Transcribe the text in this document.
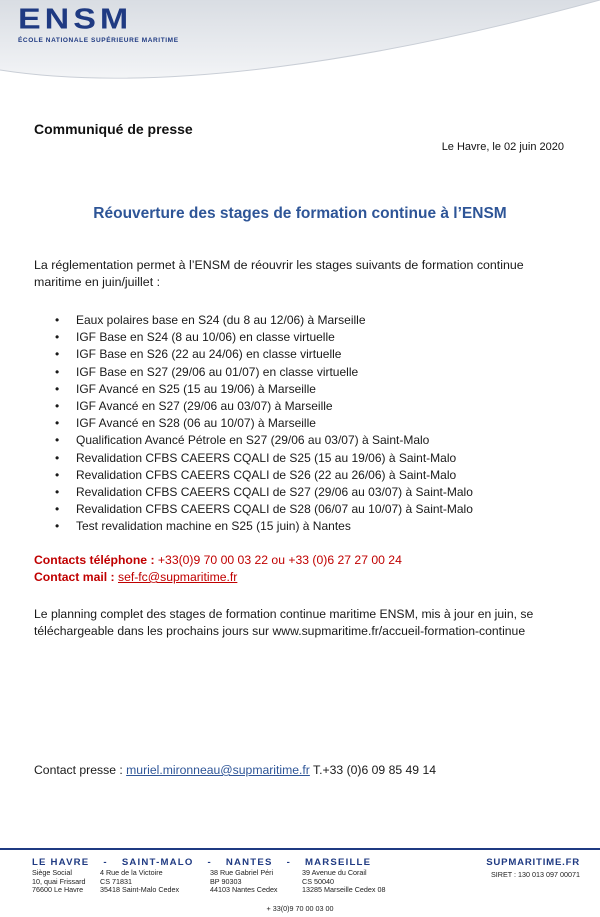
ENSM
ÉCOLE NATIONALE SUPÉRIEURE MARITIME
Communiqué de presse
Le Havre, le 02 juin 2020
Réouverture des stages de formation continue à l’ENSM
La réglementation permet à l’ENSM de réouvrir les stages suivants de formation continue maritime en juin/juillet :
• Eaux polaires base en S24 (du 8 au 12/06) à Marseille
• IGF Base en S24 (8 au 10/06) en classe virtuelle
• IGF Base en S26 (22 au 24/06) en classe virtuelle
• IGF Base en S27 (29/06 au 01/07) en classe virtuelle
• IGF Avancé en S25 (15 au 19/06) à Marseille
• IGF Avancé en S27 (29/06 au 03/07) à Marseille
• IGF Avancé en S28 (06 au 10/07) à Marseille
• Qualification Avancé Pétrole en S27 (29/06 au 03/07) à Saint-Malo
• Revalidation CFBS CAEERS CQALI de S25 (15 au 19/06) à Saint-Malo
• Revalidation CFBS CAEERS CQALI de S26 (22 au 26/06) à Saint-Malo
• Revalidation CFBS CAEERS CQALI de S27 (29/06 au 03/07) à Saint-Malo
• Revalidation CFBS CAEERS CQALI de S28 (06/07 au 10/07) à Saint-Malo
• Test revalidation machine en S25 (15 juin) à Nantes
Contacts téléphone : +33(0)9 70 00 03 22 ou +33 (0)6 27 27 00 24
Contact mail : sef-fc@supmaritime.fr
Le planning complet des stages de formation continue maritime ENSM, mis à jour en juin, se téléchargeable dans les prochains jours sur www.supmaritime.fr/accueil-formation-continue
Contact presse : muriel.mironneau@supmaritime.fr T.+33 (0)6 09 85 49 14
LE HAVRE - SAINT-MALO - NANTES - MARSEILLE
Siège Social
10, quai Frissard
76600 Le Havre
4 Rue de la Victoire
CS 71831
35418 Saint-Malo Cedex
38 Rue Gabriel Péri
BP 90303
44103 Nantes Cedex
39 Avenue du Corail
CS 50040
13285 Marseille Cedex 08
SUPMARITIME.FR
SIRET : 130 013 097 00071
+ 33(0)9 70 00 03 00
